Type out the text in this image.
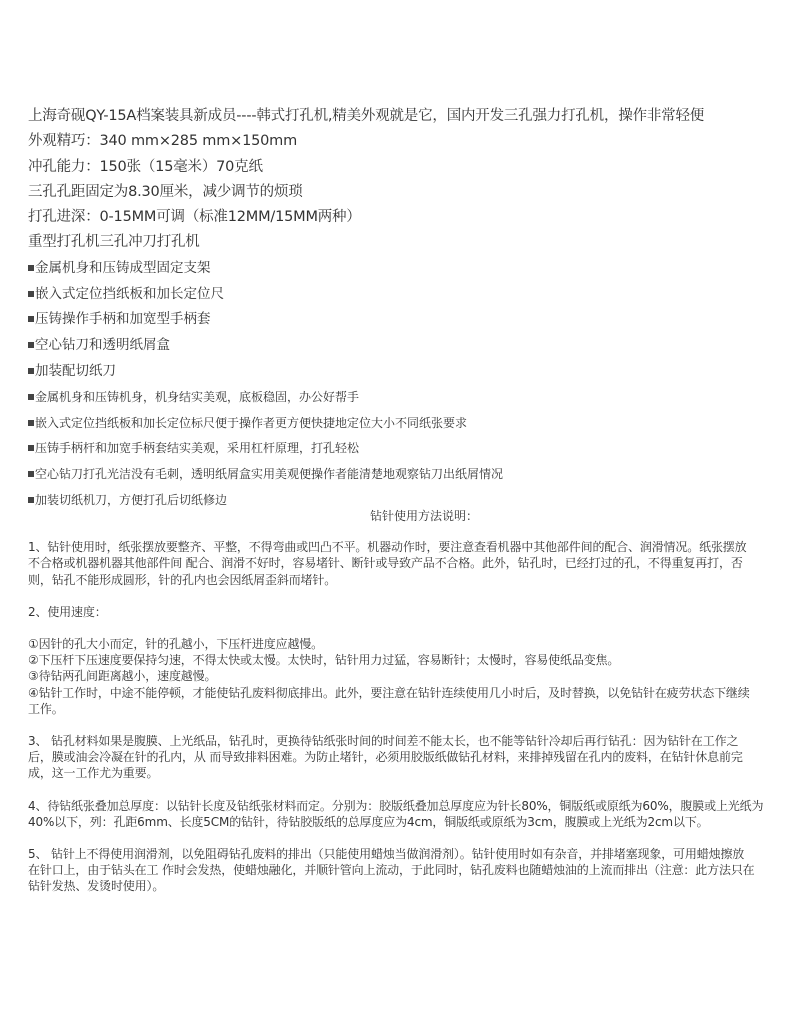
上海奇砚QY-15A档案装具新成员----韩式打孔机,精美外观就是它，国内开发三孔强力打孔机，操作非常轻便
外观精巧：340 mm×285 mm×150mm
冲孔能力：150张（15毫米）70克纸
三孔孔距固定为8.30厘米，减少调节的烦琐
打孔进深：0-15MM可调（标准12MM/15MM两种）
重型打孔机三孔冲刀打孔机
金属机身和压铸成型固定支架
嵌入式定位挡纸板和加长定位尺
压铸操作手柄和加宽型手柄套
空心钻刀和透明纸屑盒
加装配切纸刀
金属机身和压铸机身，机身结实美观，底板稳固，办公好帮手
嵌入式定位挡纸板和加长定位标尺便于操作者更方便快捷地定位大小不同纸张要求
压铸手柄杆和加宽手柄套结实美观，采用杠杆原理，打孔轻松
空心钻刀打孔光洁没有毛刺，透明纸屑盒实用美观便操作者能清楚地观察钻刀出纸屑情况
加装切纸机刀，方便打孔后切纸修边
钻针使用方法说明：
1、钻针使用时，纸张摆放要整齐、平整，不得弯曲或凹凸不平。机器动作时，要注意查看机器中其他部件间的配合、润滑情况。纸张摆放
不合格或机器机器其他部件间 配合、润滑不好时，容易堵针、断针或导致产品不合格。此外，钻孔时，已经打过的孔，不得重复再打，否
则，钻孔不能形成圆形，针的孔内也会因纸屑歪斜而堵针。
2、使用速度：
①因针的孔大小而定，针的孔越小，下压杆进度应越慢。
②下压杆下压速度要保持匀速，不得太快或太慢。太快时，钻针用力过猛，容易断针；太慢时，容易使纸品变焦。
③待钻两孔间距离越小，速度越慢。
④钻针工作时，中途不能停顿，才能使钻孔废料彻底排出。此外，要注意在钻针连续使用几小时后，及时替换，以免钻针在疲劳状态下继续
工作。
3、 钻孔材料如果是腹膜、上光纸品，钻孔时，更换待钻纸张时间的时间差不能太长，也不能等钻针冷却后再行钻孔：因为钻针在工作之
后，膜或油会冷凝在针的孔内，从 而导致排料困难。为防止堵针，必须用胶版纸做钻孔材料，来排掉残留在孔内的废料，在钻针休息前完
成，这一工作尤为重要。
4、待钻纸张叠加总厚度：以钻针长度及钻纸张材料而定。分别为：胶版纸叠加总厚度应为针长80%，铜版纸或原纸为60%，腹膜或上光纸为
40%以下，列：孔距6mm、长度5CM的钻针，待钻胶版纸的总厚度应为4cm，铜版纸或原纸为3cm，腹膜或上光纸为2cm以下。
5、 钻针上不得使用润滑剂，以免阻碍钻孔废料的排出（只能使用蜡烛当做润滑剂）。钻针使用时如有杂音，并排堵塞现象，可用蜡烛擦放
在针口上，由于钻头在工 作时会发热，使蜡烛融化，并顺针管向上流动，于此同时，钻孔废料也随蜡烛油的上流而排出（注意：此方法只在
钻针发热、发烫时使用）。
